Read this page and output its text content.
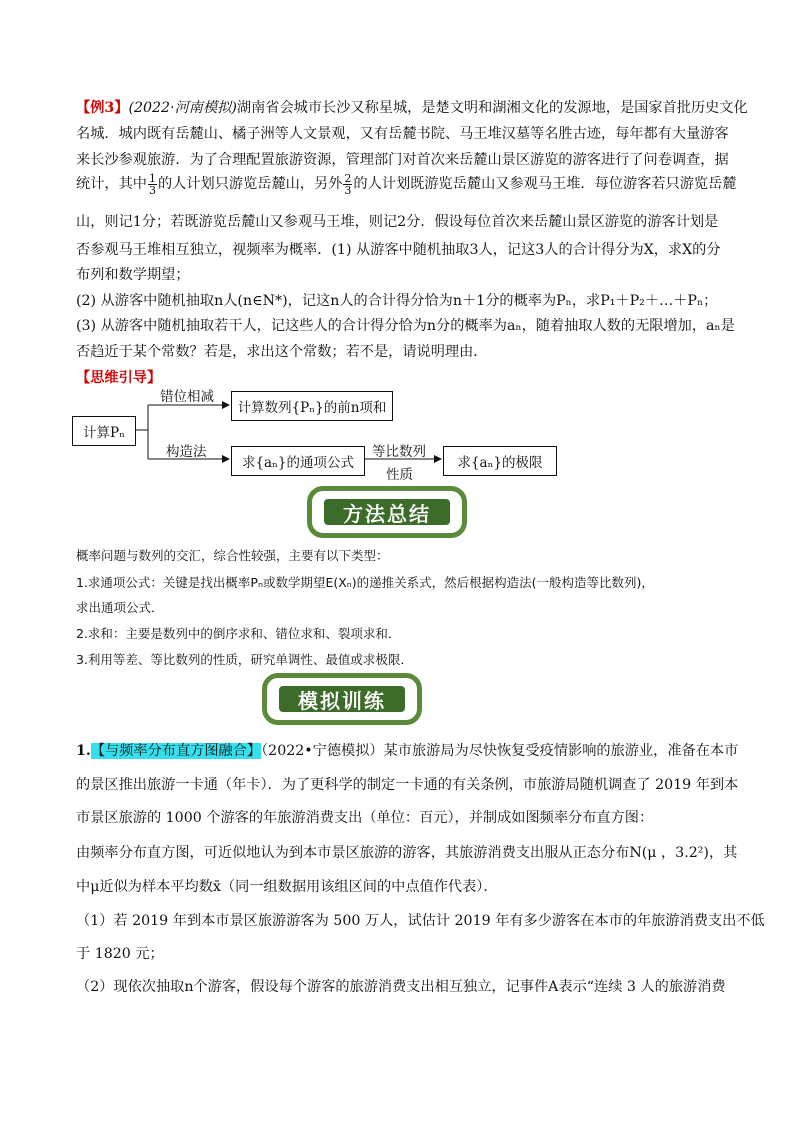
【例3】(2022·河南模拟)湖南省会城市长沙又称星城，是楚文明和湖湘文化的发源地，是国家首批历史文化
名城．城内既有岳麓山、橘子洲等人文景观，又有岳麓书院、马王堆汉墓等名胜古迹，每年都有大量游客
来长沙参观旅游．为了合理配置旅游资源，管理部门对首次来岳麓山景区游览的游客进行了问卷调查，据
统计，其中 $\frac{1}{3}$ 的人计划只游览岳麓山，另外 $\frac{2}{3}$ 的人计划既游览岳麓山又参观马王堆．每位游客若只游览岳麓
山，则记1分；若既游览岳麓山又参观马王堆，则记2分．假设每位首次来岳麓山景区游览的游客计划是
否参观马王堆相互独立，视频率为概率．(1) 从游客中随机抽取3人，记这3人的合计得分为X，求X的分
布列和数学期望；
(2) 从游客中随机抽取n人(n∈N*)，记这n人的合计得分恰为n＋1分的概率为Pₙ，求P₁＋P₂＋…＋Pₙ；
(3) 从游客中随机抽取若干人，记这些人的合计得分恰为n分的概率为aₙ，随着抽取人数的无限增加，aₙ是
否趋近于某个常数？若是，求出这个常数；若不是，请说明理由．
【思维引导】
计算Pₙ
错位相减
计算数列{Pₙ}的前n项和
构造法
求{aₙ}的通项公式
等比数列
性质
求{aₙ}的极限
方法总结
概率问题与数列的交汇，综合性较强，主要有以下类型：
1.求通项公式：关键是找出概率Pₙ或数学期望E(Xₙ)的递推关系式，然后根据构造法(一般构造等比数列)，
求出通项公式．
2.求和：主要是数列中的倒序求和、错位求和、裂项求和．
3.利用等差、等比数列的性质，研究单调性、最值或求极限．
模拟训练
1.【与频率分布直方图融合】（2022•宁德模拟）某市旅游局为尽快恢复受疫情影响的旅游业，准备在本市
的景区推出旅游一卡通（年卡）．为了更科学的制定一卡通的有关条例，市旅游局随机调查了 2019 年到本
市景区旅游的 1000 个游客的年旅游消费支出（单位：百元），并制成如图频率分布直方图：
由频率分布直方图，可近似地认为到本市景区旅游的游客，其旅游消费支出服从正态分布N(μ ，3.2²)，其
中μ近似为样本平均数x̄（同一组数据用该组区间的中点值作代表）．
（1）若 2019 年到本市景区旅游游客为 500 万人，试估计 2019 年有多少游客在本市的年旅游消费支出不低
于 1820 元；
（2）现依次抽取n个游客，假设每个游客的旅游消费支出相互独立，记事件A表示“连续 3 人的旅游消费
